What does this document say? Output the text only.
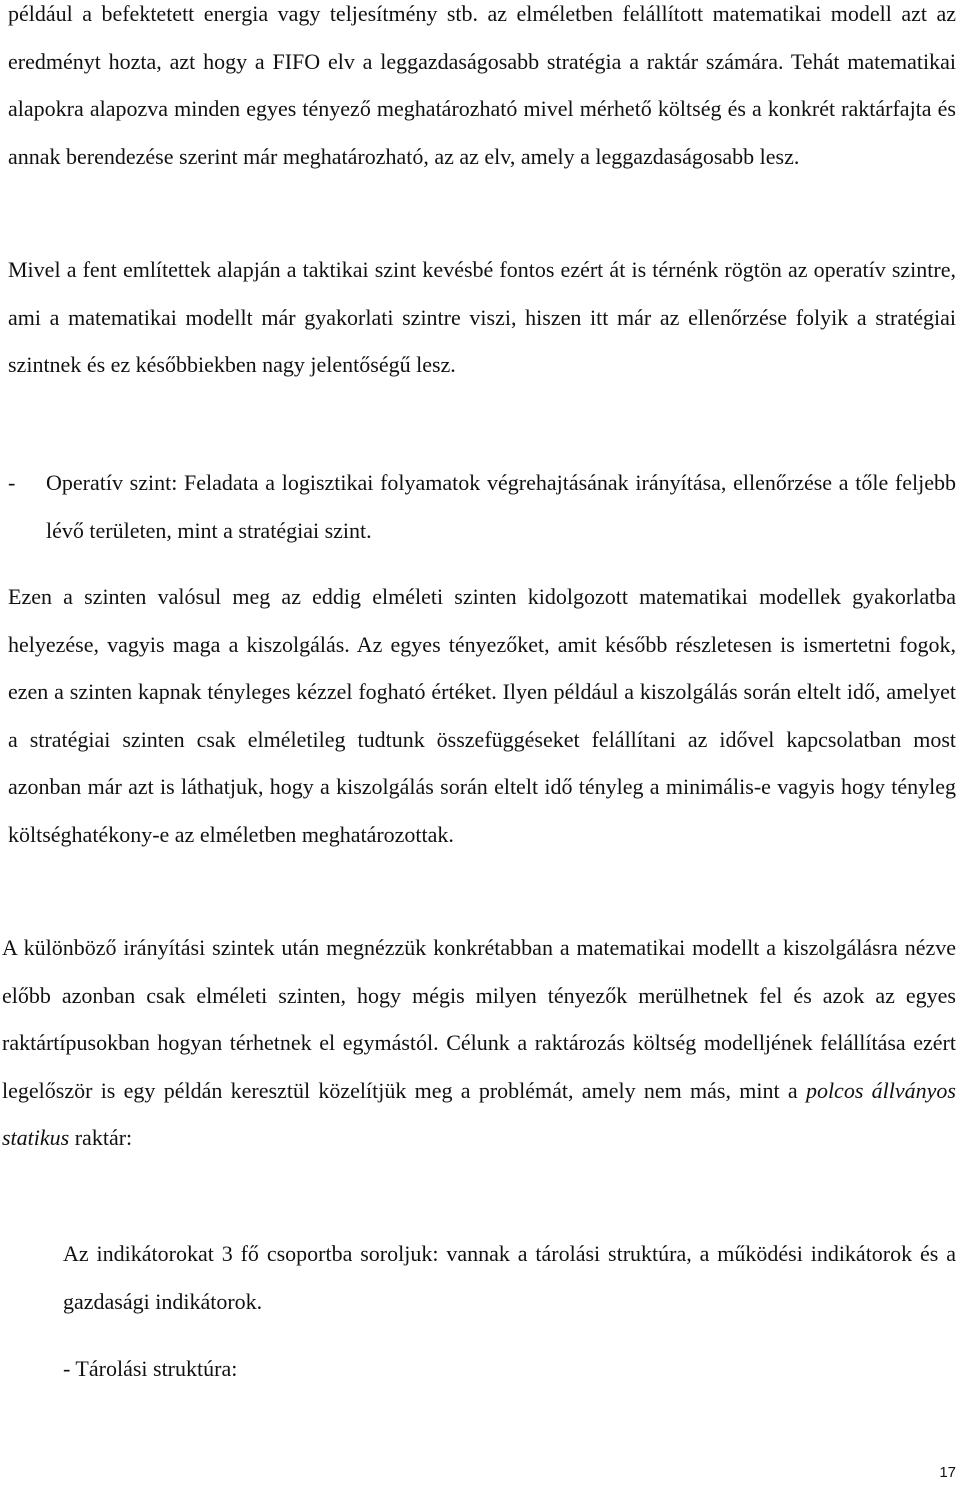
például a befektetett energia vagy teljesítmény stb. az elméletben felállított matematikai modell azt az eredményt hozta, azt hogy a FIFO elv a leggazdaságosabb stratégia a raktár számára. Tehát matematikai alapokra alapozva minden egyes tényező meghatározható mivel mérhető költség és a konkrét raktárfajta és annak berendezése szerint már meghatározható, az az elv, amely a leggazdaságosabb lesz.

Mivel a fent említettek alapján a taktikai szint kevésbé fontos ezért át is térnénk rögtön az operatív szintre, ami a matematikai modellt már gyakorlati szintre viszi, hiszen itt már az ellenőrzése folyik a stratégiai szintnek és ez későbbiekben nagy jelentőségű lesz.

- Operatív szint: Feladata a logisztikai folyamatok végrehajtásának irányítása, ellenőrzése a tőle feljebb lévő területen, mint a stratégiai szint.

Ezen a szinten valósul meg az eddig elméleti szinten kidolgozott matematikai modellek gyakorlatba helyezése, vagyis maga a kiszolgálás. Az egyes tényezőket, amit később részletesen is ismertetni fogok, ezen a szinten kapnak tényleges kézzel fogható értéket. Ilyen például a kiszolgálás során eltelt idő, amelyet a stratégiai szinten csak elméletileg tudtunk összefüggéseket felállítani az idővel kapcsolatban most azonban már azt is láthatjuk, hogy a kiszolgálás során eltelt idő tényleg a minimális-e vagyis hogy tényleg költséghatékony-e az elméletben meghatározottak.

A különböző irányítási szintek után megnézzük konkrétabban a matematikai modellt a kiszolgálásra nézve előbb azonban csak elméleti szinten, hogy mégis milyen tényezők merülhetnek fel és azok az egyes raktártípusokban hogyan térhetnek el egymástól. Célunk a raktározás költség modelljének felállítása ezért legelőször is egy példán keresztül közelítjük meg a problémát, amely nem más, mint a polcos állványos statikus raktár:

Az indikátorokat 3 fő csoportba soroljuk: vannak a tárolási struktúra, a működési indikátorok és a gazdasági indikátorok.

- Tárolási struktúra:

17
